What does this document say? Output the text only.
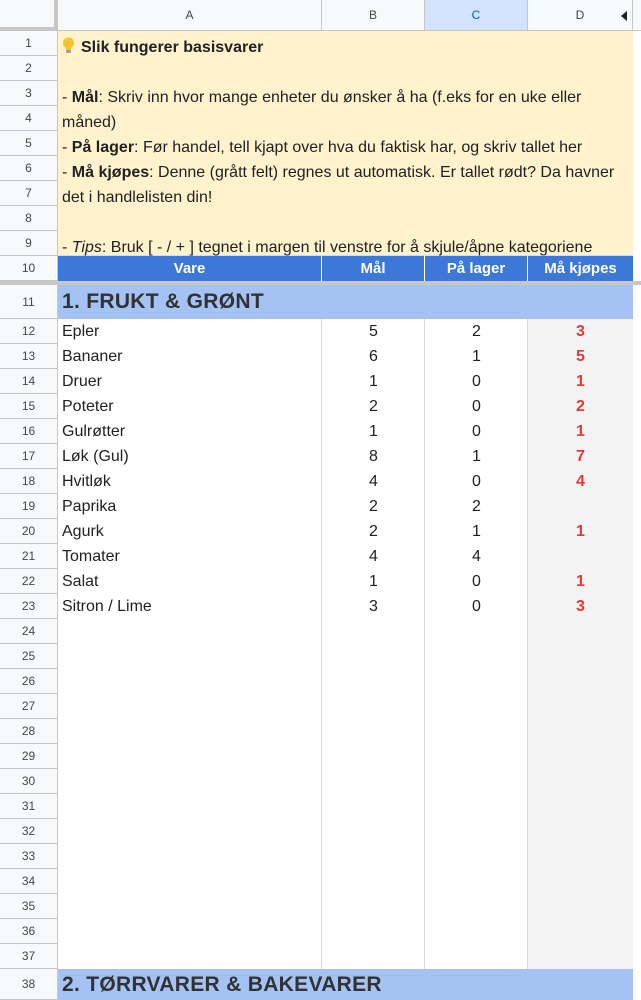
A	B	C	D

Slik fungerer basisvarer

- Mål: Skriv inn hvor mange enheter du ønsker å ha (f.eks for en uke eller måned)

- På lager: Før handel, tell kjapt over hva du faktisk har, og skriv tallet her

- Må kjøpes: Denne (grått felt) regnes ut automatisk. Er tallet rødt? Da havner det i handlelisten din!

- Tips: Bruk [ - / + ] tegnet i margen til venstre for å skjule/åpne kategoriene

Vare	Mål	På lager	Må kjøpes
1. FRUKT & GRØNT
Epler	5	2	3
Bananer	6	1	5
Druer	1	0	1
Poteter	2	0	2
Gulrøtter	1	0	1
Løk (Gul)	8	1	7
Hvitløk	4	0	4
Paprika	2	2
Agurk	2	1	1
Tomater	4	4
Salat	1	0	1
Sitron / Lime	3	0	3
2. TØRRVARER & BAKEVARER
1
2
3
4
5
6
7
8
9
10
11
12
13
14
15
16
17
18
19
20
21
22
23
24
25
26
27
28
29
30
31
32
33
34
35
36
37
38
